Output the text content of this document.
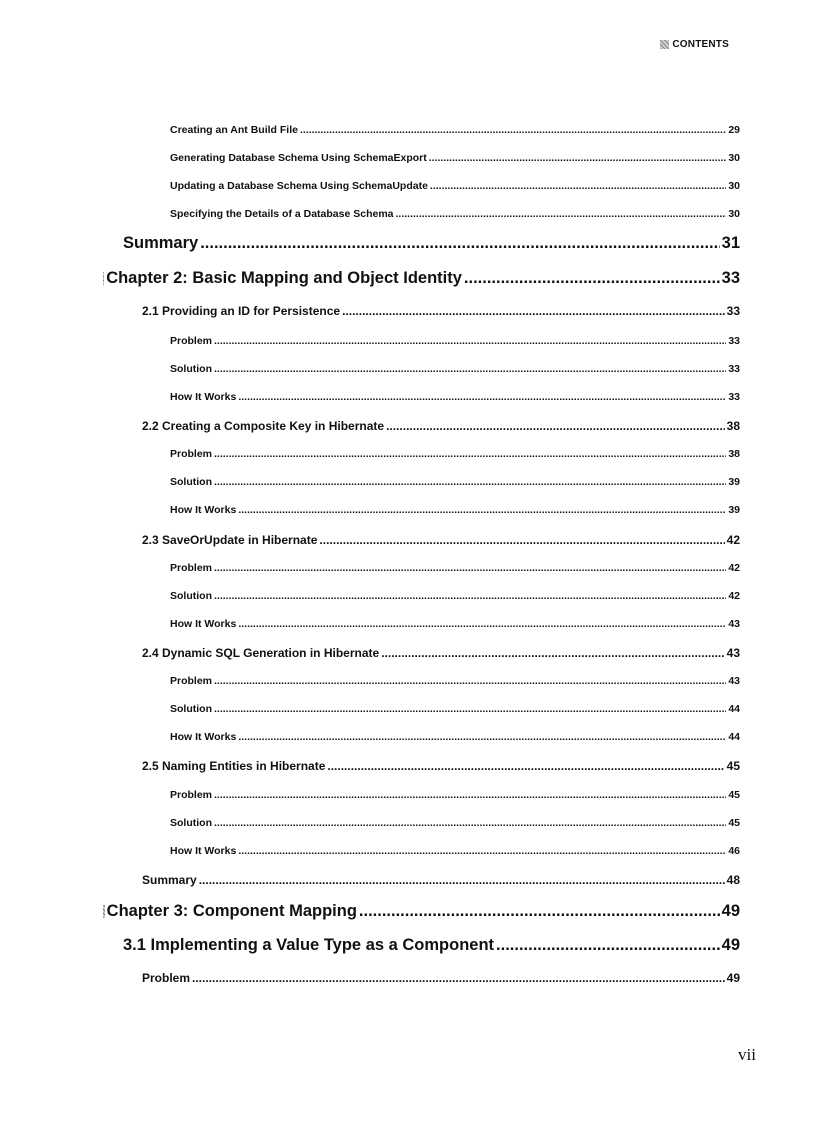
CONTENTS
Creating an Ant Build File .....	29
Generating Database Schema Using SchemaExport .....	30
Updating a Database Schema Using SchemaUpdate .....	30
Specifying the Details of a Database Schema .....	30
Summary .....	31
Chapter 2: Basic Mapping and Object Identity .....	33
2.1 Providing an ID for Persistence .....	33
Problem .....	33
Solution .....	33
How It Works .....	33
2.2 Creating a Composite Key in Hibernate .....	38
Problem .....	38
Solution .....	39
How It Works .....	39
2.3 SaveOrUpdate in Hibernate .....	42
Problem .....	42
Solution .....	42
How It Works .....	43
2.4 Dynamic SQL Generation in Hibernate .....	43
Problem .....	43
Solution .....	44
How It Works .....	44
2.5 Naming Entities in Hibernate .....	45
Problem .....	45
Solution .....	45
How It Works .....	46
Summary .....	48
Chapter 3: Component Mapping .....	49
3.1 Implementing a Value Type as a Component .....	49
Problem .....	49
vii
